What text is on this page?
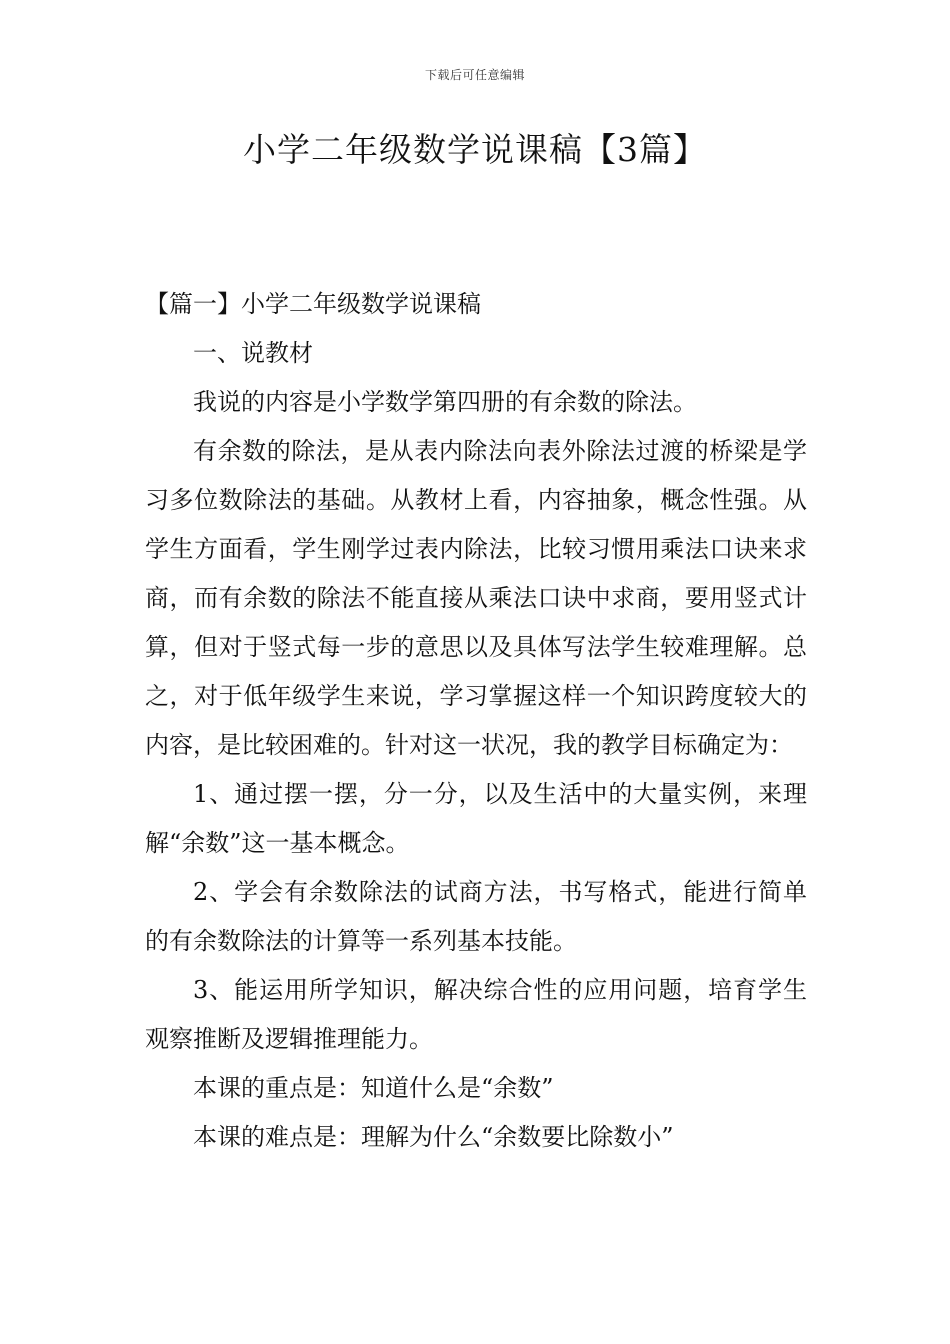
下载后可任意编辑
小学二年级数学说课稿【3篇】

【篇一】小学二年级数学说课稿

一、说教材

我说的内容是小学数学第四册的有余数的除法。

有余数的除法，是从表内除法向表外除法过渡的桥梁是学习多位数除法的基础。从教材上看，内容抽象，概念性强。从学生方面看，学生刚学过表内除法，比较习惯用乘法口诀来求商，而有余数的除法不能直接从乘法口诀中求商，要用竖式计算，但对于竖式每一步的意思以及具体写法学生较难理解。总之，对于低年级学生来说，学习掌握这样一个知识跨度较大的内容，是比较困难的。针对这一状况，我的教学目标确定为：

1、通过摆一摆，分一分，以及生活中的大量实例，来理解“余数”这一基本概念。

2、学会有余数除法的试商方法，书写格式，能进行简单的有余数除法的计算等一系列基本技能。

3、能运用所学知识，解决综合性的应用问题，培育学生观察推断及逻辑推理能力。

本课的重点是：知道什么是“余数”

本课的难点是：理解为什么“余数要比除数小”
